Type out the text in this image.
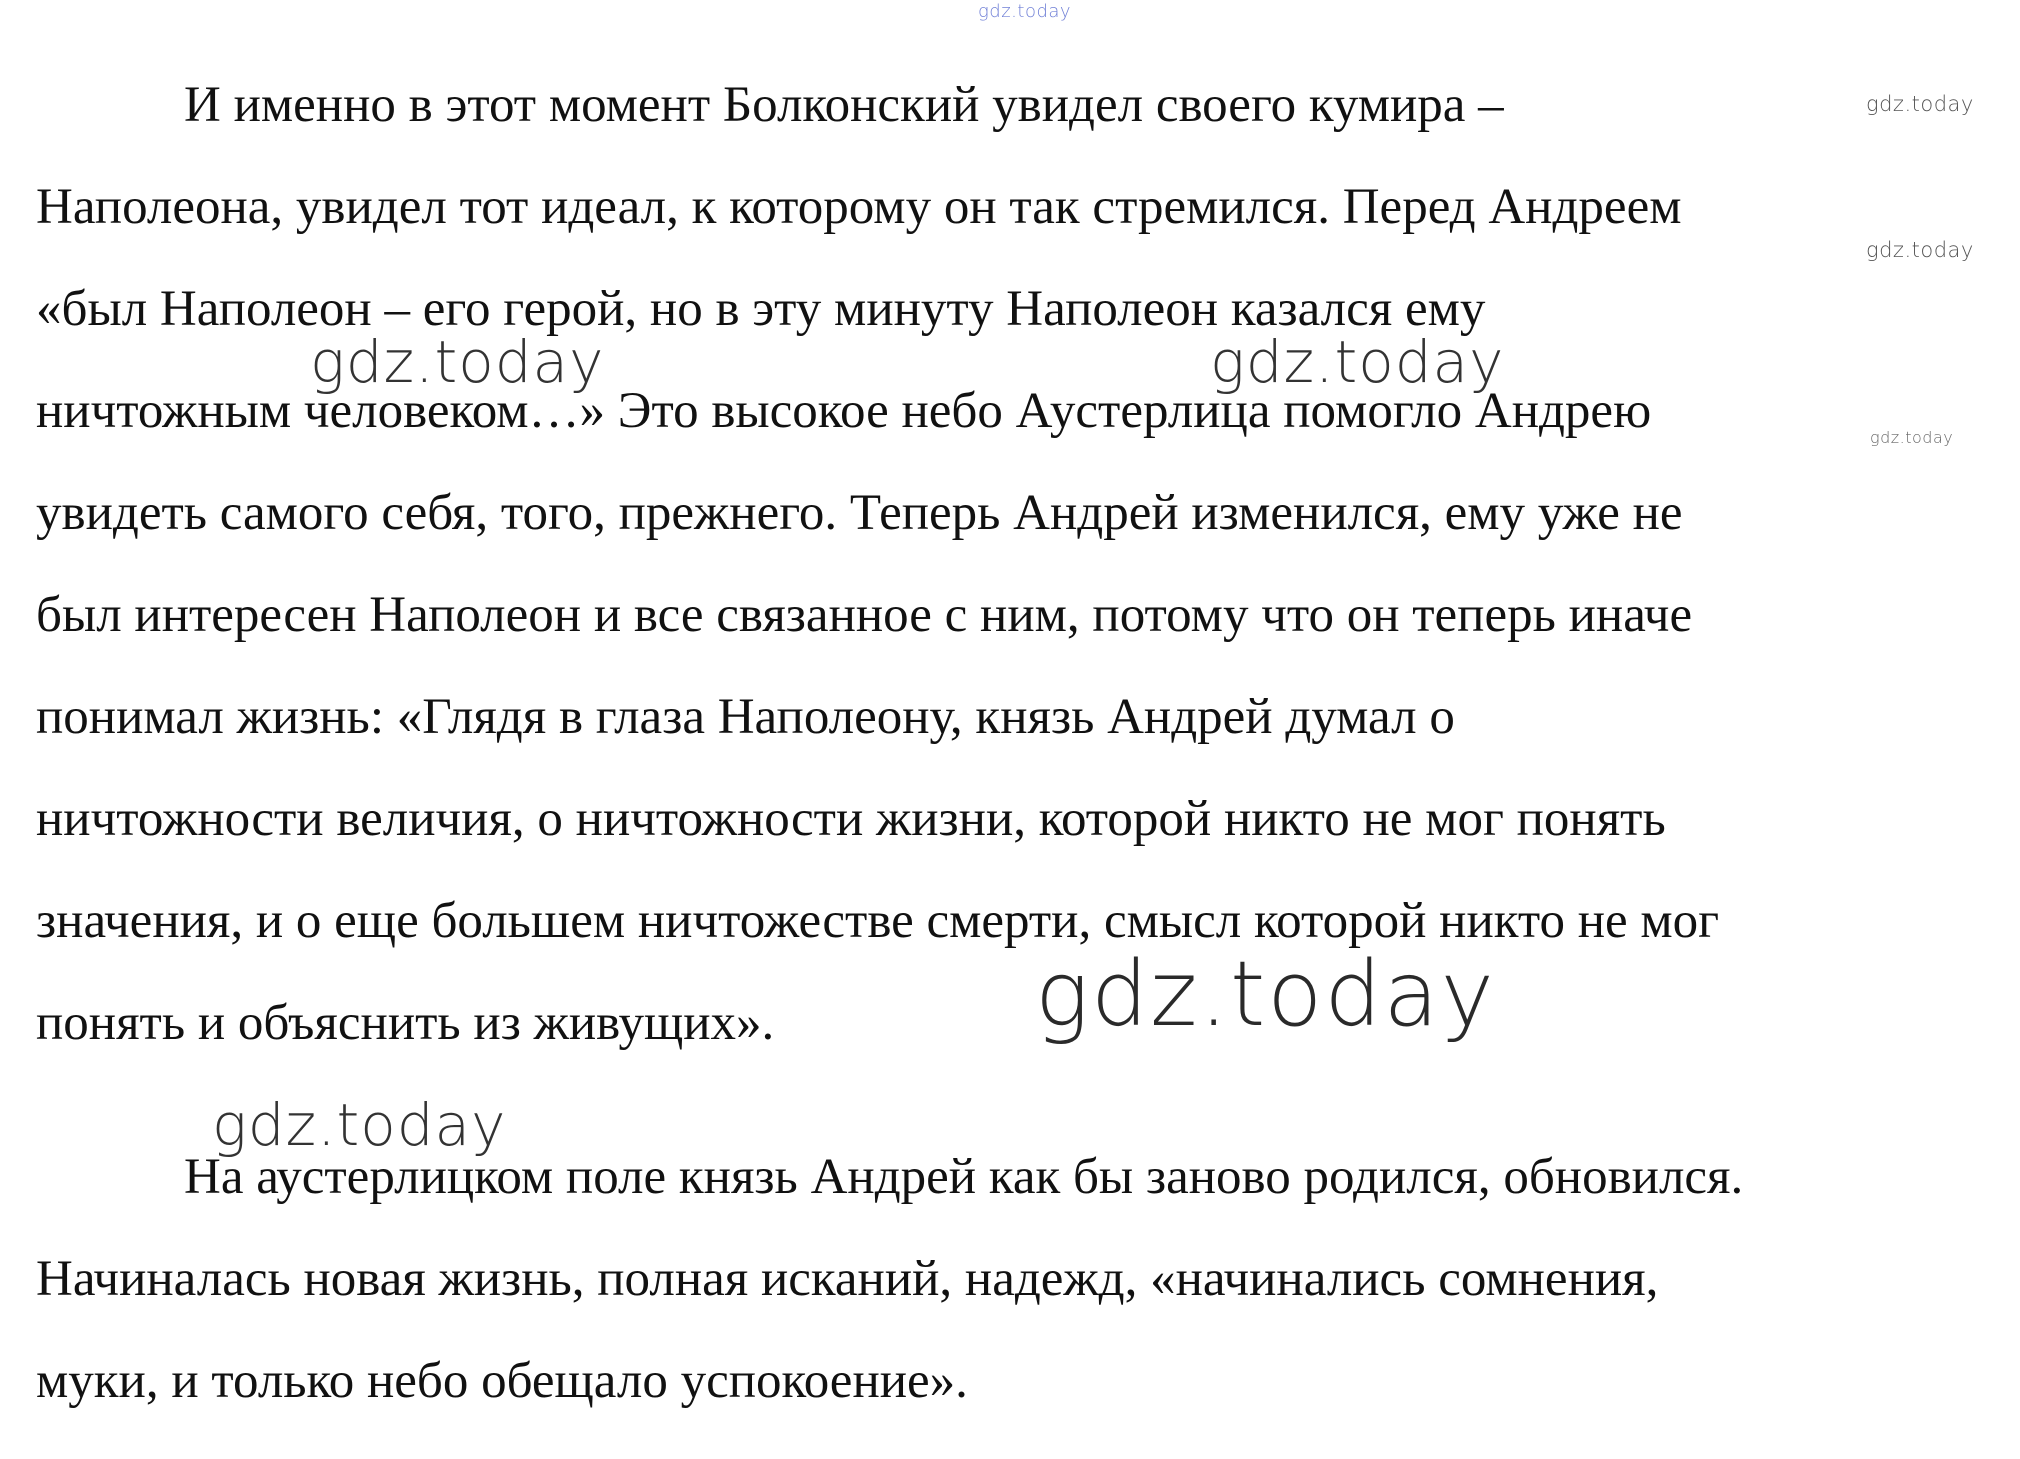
gdz.today
gdz.today
gdz.today
gdz.today
gdz.today	gdz.today
gdz.today
gdz.today
И именно в этот момент Болконский увидел своего кумира –
Наполеона, увидел тот идеал, к которому он так стремился. Перед Андреем
«был Наполеон – его герой, но в эту минуту Наполеон казался ему
ничтожным человеком…» Это высокое небо Аустерлица помогло Андрею
увидеть самого себя, того, прежнего. Теперь Андрей изменился, ему уже не
был интересен Наполеон и все связанное с ним, потому что он теперь иначе
понимал жизнь: «Глядя в глаза Наполеону, князь Андрей думал о
ничтожности величия, о ничтожности жизни, которой никто не мог понять
значения, и о еще большем ничтожестве смерти, смысл которой никто не мог
понять и объяснить из живущих».
На аустерлицком поле князь Андрей как бы заново родился, обновился.
Начиналась новая жизнь, полная исканий, надежд, «начинались сомнения,
муки, и только небо обещало успокоение».
